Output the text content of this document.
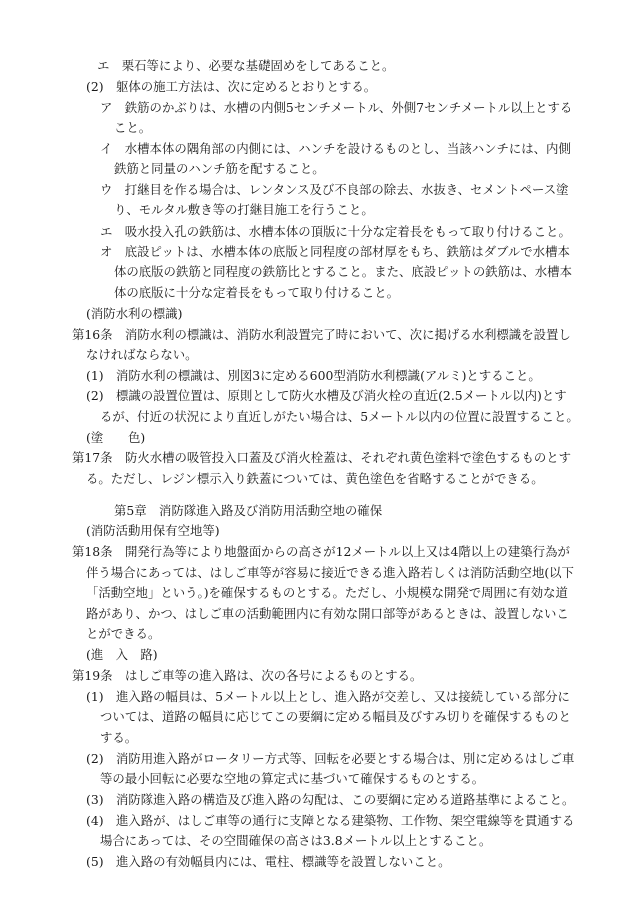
エ　栗石等により、必要な基礎固めをしてあること。
(2)　躯体の施工方法は、次に定めるとおりとする。
ア　鉄筋のかぶりは、水槽の内側5センチメートル、外側7センチメートル以上とする
こと。
イ　水槽本体の隅角部の内側には、ハンチを設けるものとし、当該ハンチには、内側
鉄筋と同量のハンチ筋を配すること。
ウ　打継目を作る場合は、レンタンス及び不良部の除去、水抜き、セメントペース塗
り、モルタル敷き等の打継目施工を行うこと。
エ　吸水投入孔の鉄筋は、水槽本体の頂版に十分な定着長をもって取り付けること。
オ　底設ピットは、水槽本体の底版と同程度の部材厚をもち、鉄筋はダブルで水槽本
体の底版の鉄筋と同程度の鉄筋比とすること。また、底設ピットの鉄筋は、水槽本
体の底版に十分な定着長をもって取り付けること。
(消防水利の標識)
第16条　消防水利の標識は、消防水利設置完了時において、次に掲げる水利標識を設置し
なければならない。
(1)　消防水利の標識は、別図3に定める600型消防水利標識(アルミ)とすること。
(2)　標識の設置位置は、原則として防火水槽及び消火栓の直近(2.5メートル以内)とす
るが、付近の状況により直近しがたい場合は、5メートル以内の位置に設置すること。
(塗　　色)
第17条　防火水槽の吸管投入口蓋及び消火栓蓋は、それぞれ黄色塗料で塗色するものとす
る。ただし、レジン標示入り鉄蓋については、黄色塗色を省略することができる。
第5章　消防隊進入路及び消防用活動空地の確保
(消防活動用保有空地等)
第18条　開発行為等により地盤面からの高さが12メートル以上又は4階以上の建築行為が
伴う場合にあっては、はしご車等が容易に接近できる進入路若しくは消防活動空地(以下
「活動空地」という。)を確保するものとする。ただし、小規模な開発で周囲に有効な道
路があり、かつ、はしご車の活動範囲内に有効な開口部等があるときは、設置しないこ
とができる。
(進　入　路)
第19条　はしご車等の進入路は、次の各号によるものとする。
(1)　進入路の幅員は、5メートル以上とし、進入路が交差し、又は接続している部分に
ついては、道路の幅員に応じてこの要綱に定める幅員及びすみ切りを確保するものと
する。
(2)　消防用進入路がロータリー方式等、回転を必要とする場合は、別に定めるはしご車
等の最小回転に必要な空地の算定式に基づいて確保するものとする。
(3)　消防隊進入路の構造及び進入路の勾配は、この要綱に定める道路基準によること。
(4)　進入路が、はしご車等の通行に支障となる建築物、工作物、架空電線等を貫通する
場合にあっては、その空間確保の高さは3.8メートル以上とすること。
(5)　進入路の有効幅員内には、電柱、標識等を設置しないこと。
